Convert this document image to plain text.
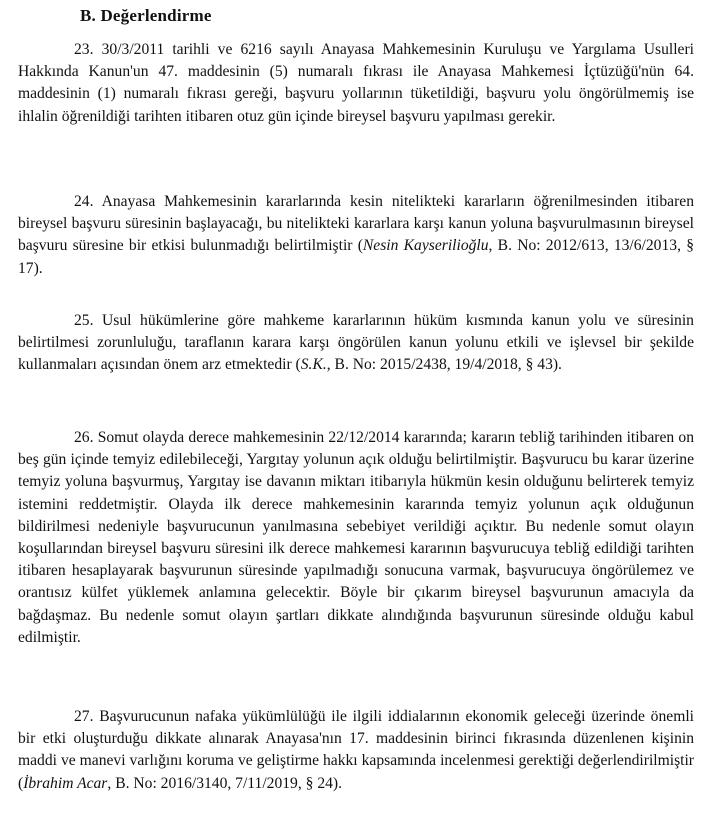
B. Değerlendirme

23. 30/3/2011 tarihli ve 6216 sayılı Anayasa Mahkemesinin Kuruluşu ve Yargılama Usulleri Hakkında Kanun'un 47. maddesinin (5) numaralı fıkrası ile Anayasa Mahkemesi İçtüzüğü'nün 64. maddesinin (1) numaralı fıkrası gereği, başvuru yollarının tüketildiği, başvuru yolu öngörülmemiş ise ihlalin öğrenildiği tarihten itibaren otuz gün içinde bireysel başvuru yapılması gerekir.

24. Anayasa Mahkemesinin kararlarında kesin nitelikteki kararların öğrenilmesinden itibaren bireysel başvuru süresinin başlayacağı, bu nitelikteki kararlara karşı kanun yoluna başvurulmasının bireysel başvuru süresine bir etkisi bulunmadığı belirtilmiştir (Nesin Kayserilioğlu, B. No: 2012/613, 13/6/2013, § 17).

25. Usul hükümlerine göre mahkeme kararlarının hüküm kısmında kanun yolu ve süresinin belirtilmesi zorunluluğu, taraflanın karara karşı öngörülen kanun yolunu etkili ve işlevsel bir şekilde kullanmaları açısından önem arz etmektedir (S.K., B. No: 2015/2438, 19/4/2018, § 43).

26. Somut olayda derece mahkemesinin 22/12/2014 kararında; kararın tebliğ tarihinden itibaren on beş gün içinde temyiz edilebileceği, Yargıtay yolunun açık olduğu belirtilmiştir. Başvurucu bu karar üzerine temyiz yoluna başvurmuş, Yargıtay ise davanın miktarı itibarıyla hükmün kesin olduğunu belirterek temyiz istemini reddetmiştir. Olayda ilk derece mahkemesinin kararında temyiz yolunun açık olduğunun bildirilmesi nedeniyle başvurucunun yanılmasına sebebiyet verildiği açıktır. Bu nedenle somut olayın koşullarından bireysel başvuru süresini ilk derece mahkemesi kararının başvurucuya tebliğ edildiği tarihten itibaren hesaplayarak başvurunun süresinde yapılmadığı sonucuna varmak, başvurucuya öngörülemez ve orantısız külfet yüklemek anlamına gelecektir. Böyle bir çıkarım bireysel başvurunun amacıyla da bağdaşmaz. Bu nedenle somut olayın şartları dikkate alındığında başvurunun süresinde olduğu kabul edilmiştir.

27. Başvurucunun nafaka yükümlülüğü ile ilgili iddialarının ekonomik geleceği üzerinde önemli bir etki oluşturduğu dikkate alınarak Anayasa'nın 17. maddesinin birinci fıkrasında düzenlenen kişinin maddi ve manevi varlığını koruma ve geliştirme hakkı kapsamında incelenmesi gerektiği değerlendirilmiştir (İbrahim Acar, B. No: 2016/3140, 7/11/2019, § 24).
